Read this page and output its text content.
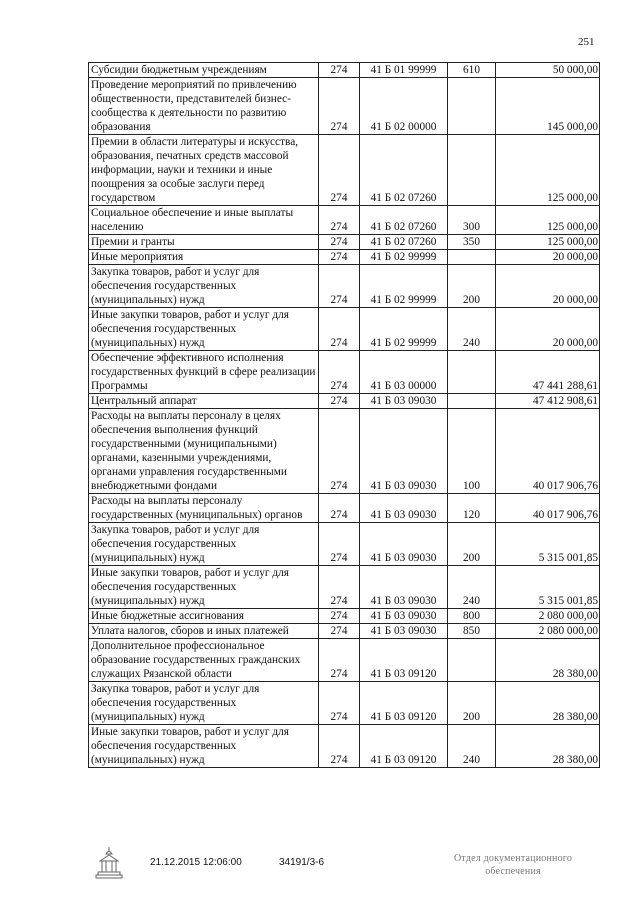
251
Субсидии бюджетным учреждениям	274	41 Б 01 99999	610	50 000,00
Проведение мероприятий по привлечению общественности, представителей бизнес-сообщества к деятельности по развитию образования	274	41 Б 02 00000		145 000,00
Премии в области литературы и искусства, образования, печатных средств массовой информации, науки и техники и иные поощрения за особые заслуги перед государством	274	41 Б 02 07260		125 000,00
Социальное обеспечение и иные выплаты населению	274	41 Б 02 07260	300	125 000,00
Премии и гранты	274	41 Б 02 07260	350	125 000,00
Иные мероприятия	274	41 Б 02 99999		20 000,00
Закупка товаров, работ и услуг для обеспечения государственных (муниципальных) нужд	274	41 Б 02 99999	200	20 000,00
Иные закупки товаров, работ и услуг для обеспечения государственных (муниципальных) нужд	274	41 Б 02 99999	240	20 000,00
Обеспечение эффективного исполнения государственных функций в сфере реализации Программы	274	41 Б 03 00000		47 441 288,61
Центральный аппарат	274	41 Б 03 09030		47 412 908,61
Расходы на выплаты персоналу в целях обеспечения выполнения функций государственными (муниципальными) органами, казенными учреждениями, органами управления государственными внебюджетными фондами	274	41 Б 03 09030	100	40 017 906,76
Расходы на выплаты персоналу государственных (муниципальных) органов	274	41 Б 03 09030	120	40 017 906,76
Закупка товаров, работ и услуг для обеспечения государственных (муниципальных) нужд	274	41 Б 03 09030	200	5 315 001,85
Иные закупки товаров, работ и услуг для обеспечения государственных (муниципальных) нужд	274	41 Б 03 09030	240	5 315 001,85
Иные бюджетные ассигнования	274	41 Б 03 09030	800	2 080 000,00
Уплата налогов, сборов и иных платежей	274	41 Б 03 09030	850	2 080 000,00
Дополнительное профессиональное образование государственных гражданских служащих Рязанской области	274	41 Б 03 09120		28 380,00
Закупка товаров, работ и услуг для обеспечения государственных (муниципальных) нужд	274	41 Б 03 09120	200	28 380,00
Иные закупки товаров, работ и услуг для обеспечения государственных (муниципальных) нужд	274	41 Б 03 09120	240	28 380,00
21.12.2015 12:06:00	34191/3-6	Отдел документационного
обеспечения
